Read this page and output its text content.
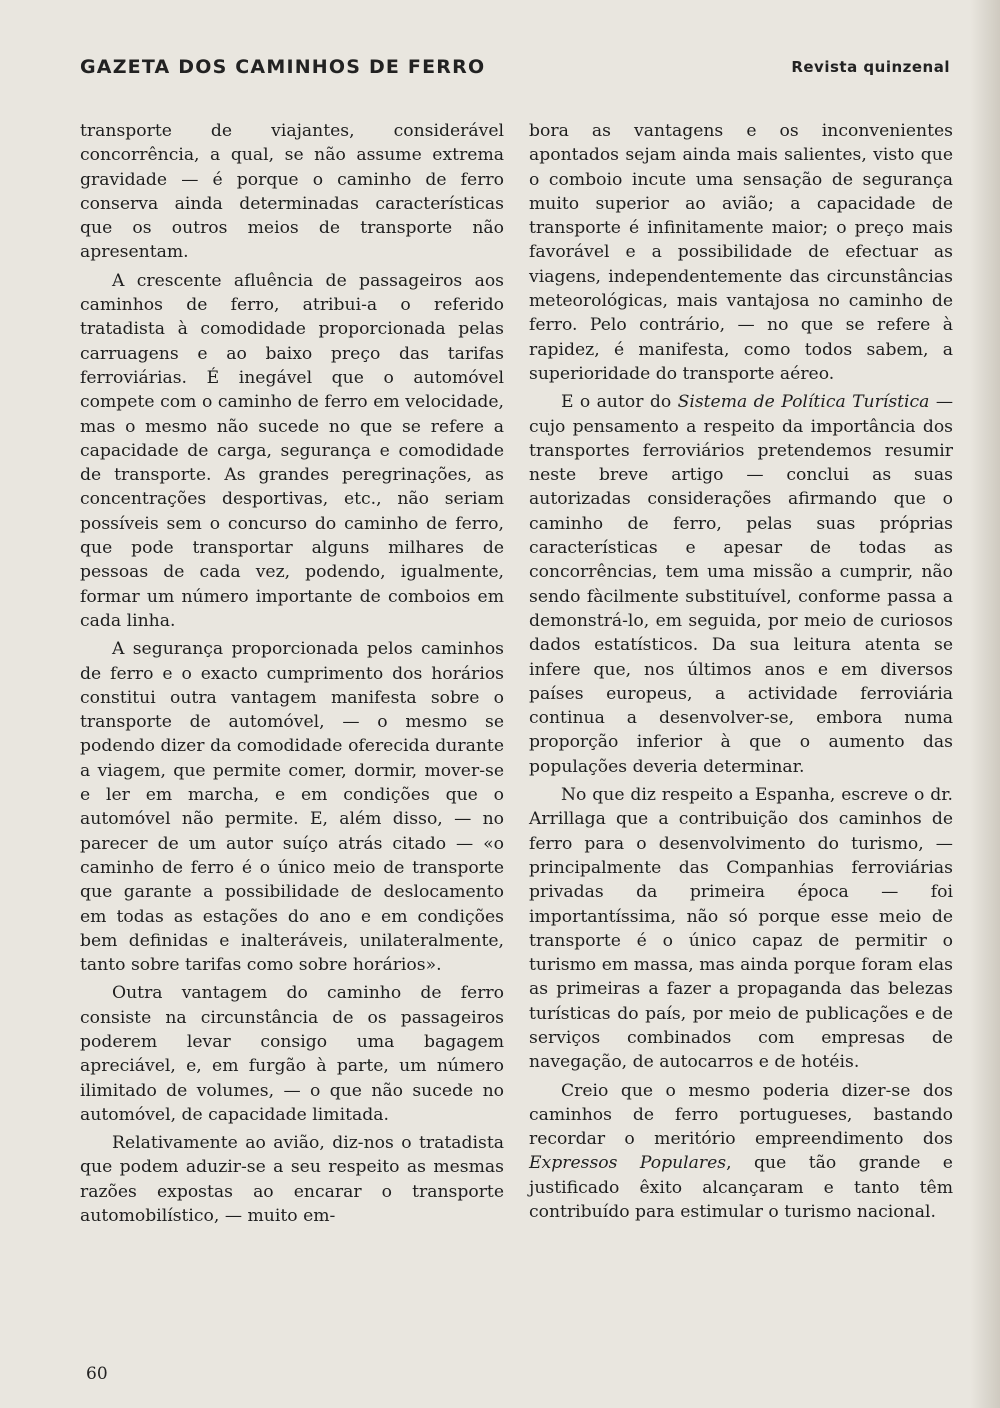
GAZETA DOS CAMINHOS DE FERRO	Revista quinzenal

transporte de viajantes, considerável concorrência, a qual, se não assume extrema gravidade — é porque o caminho de ferro conserva ainda determinadas características que os outros meios de transporte não apresentam.

A crescente afluência de passageiros aos caminhos de ferro, atribui-a o referido tratadista à comodidade proporcionada pelas carruagens e ao baixo preço das tarifas ferroviárias. É inegável que o automóvel compete com o caminho de ferro em velocidade, mas o mesmo não sucede no que se refere a capacidade de carga, segurança e comodidade de transporte. As grandes peregrinações, as concentrações desportivas, etc., não seriam possíveis sem o concurso do caminho de ferro, que pode transportar alguns milhares de pessoas de cada vez, podendo, igualmente, formar um número importante de comboios em cada linha.

A segurança proporcionada pelos caminhos de ferro e o exacto cumprimento dos horários constitui outra vantagem manifesta sobre o transporte de automóvel, — o mesmo se podendo dizer da comodidade oferecida durante a viagem, que permite comer, dormir, mover-se e ler em marcha, e em condições que o automóvel não permite. E, além disso, — no parecer de um autor suíço atrás citado — «o caminho de ferro é o único meio de transporte que garante a possibilidade de deslocamento em todas as estações do ano e em condições bem definidas e inalteráveis, unilateralmente, tanto sobre tarifas como sobre horários».

Outra vantagem do caminho de ferro consiste na circunstância de os passageiros poderem levar consigo uma bagagem apreciável, e, em furgão à parte, um número ilimitado de volumes, — o que não sucede no automóvel, de capacidade limitada.

Relativamente ao avião, diz-nos o tratadista que podem aduzir-se a seu respeito as mesmas razões expostas ao encarar o transporte automobilístico, — muito em-

bora as vantagens e os inconvenientes apontados sejam ainda mais salientes, visto que o comboio incute uma sensação de segurança muito superior ao avião; a capacidade de transporte é infinitamente maior; o preço mais favorável e a possibilidade de efectuar as viagens, independentemente das circunstâncias meteorológicas, mais vantajosa no caminho de ferro. Pelo contrário, — no que se refere à rapidez, é manifesta, como todos sabem, a superioridade do transporte aéreo.

E o autor do Sistema de Política Turística — cujo pensamento a respeito da importância dos transportes ferroviários pretendemos resumir neste breve artigo — conclui as suas autorizadas considerações afirmando que o caminho de ferro, pelas suas próprias características e apesar de todas as concorrências, tem uma missão a cumprir, não sendo fàcilmente substituível, conforme passa a demonstrá-lo, em seguida, por meio de curiosos dados estatísticos. Da sua leitura atenta se infere que, nos últimos anos e em diversos países europeus, a actividade ferroviária continua a desenvolver-se, embora numa proporção inferior à que o aumento das populações deveria determinar.

No que diz respeito a Espanha, escreve o dr. Arrillaga que a contribuição dos caminhos de ferro para o desenvolvimento do turismo, — principalmente das Companhias ferroviárias privadas da primeira época — foi importantíssima, não só porque esse meio de transporte é o único capaz de permitir o turismo em massa, mas ainda porque foram elas as primeiras a fazer a propaganda das belezas turísticas do país, por meio de publicações e de serviços combinados com empresas de navegação, de autocarros e de hotéis.

Creio que o mesmo poderia dizer-se dos caminhos de ferro portugueses, bastando recordar o meritório empreendimento dos Expressos Populares, que tão grande e justificado êxito alcançaram e tanto têm contribuído para estimular o turismo nacional.

60
